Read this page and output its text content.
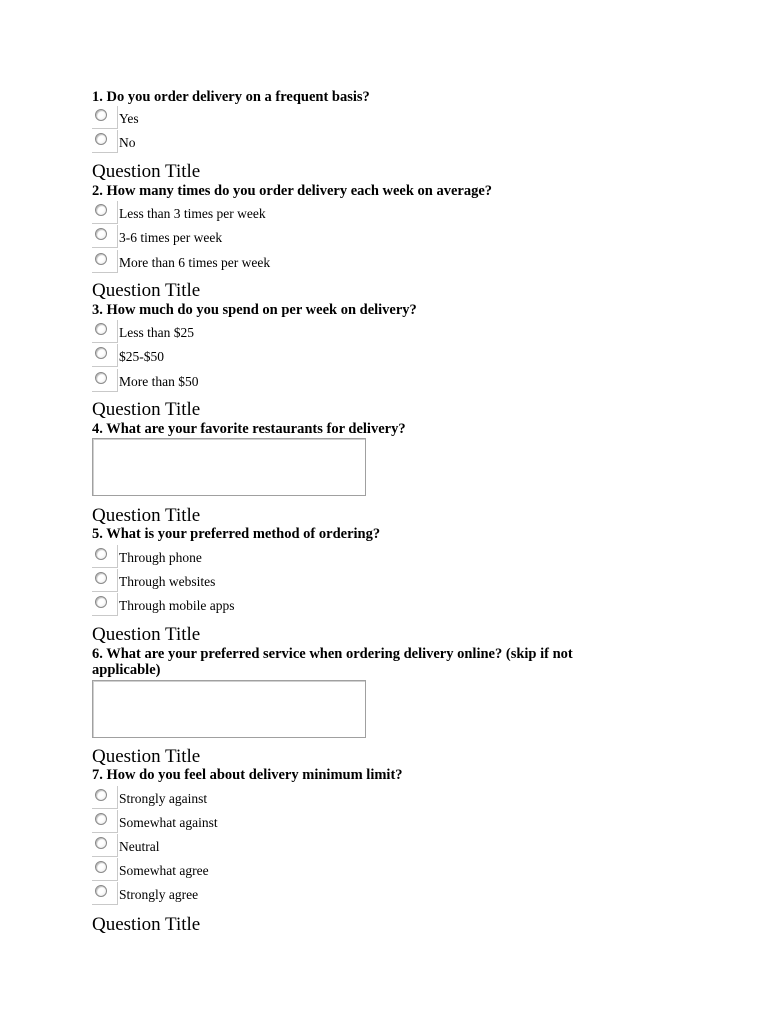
1. Do you order delivery on a frequent basis?
Yes
No
Question Title
2. How many times do you order delivery each week on average?
Less than 3 times per week
3-6 times per week
More than 6 times per week
Question Title
3. How much do you spend on per week on delivery?
Less than $25
$25-$50
More than $50
Question Title
4. What are your favorite restaurants for delivery?
Question Title
5. What is your preferred method of ordering?
Through phone
Through websites
Through mobile apps
Question Title
6. What are your preferred service when ordering delivery online? (skip if not applicable)
Question Title
7. How do you feel about delivery minimum limit?
Strongly against
Somewhat against
Neutral
Somewhat agree
Strongly agree
Question Title
